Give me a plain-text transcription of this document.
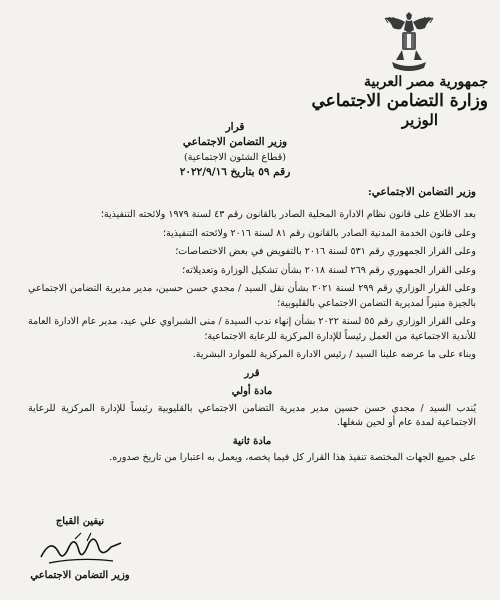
جمهورية مصر العربية
وزارة التضامن الاجتماعي
الوزير
قرار
وزير التضامن الاجتماعي
(قطاع الشئون الاجتماعية)
رقم ٥٩ بتاريخ ٢٠٢٢/٩/١٦
وزير التضامن الاجتماعي:

بعد الاطلاع على قانون نظام الادارة المحلية الصادر بالقانون رقم ٤٣ لسنة ١٩٧٩ ولائحته التنفيذية؛

وعلى قانون الخدمة المدنية الصادر بالقانون رقم ٨١ لسنة ٢٠١٦ ولائحته التنفيذية؛

وعلى القرار الجمهوري رقم ٥٣١ لسنة ٢٠١٦ بالتفويض في بعض الاختصاصات؛

وعلى القرار الجمهوري رقم ٢٦٩ لسنة ٢٠١٨ بشأن تشكيل الوزارة وتعديلاته؛

وعلى القرار الوزاري رقم ٢٩٩ لسنة ٢٠٢١ بشأن نقل السيد / مجدي حسن حسين، مدير مديرية التضامن الاجتماعي بالجيزة منيراً لمديرية التضامن الاجتماعي بالقليوبية؛

وعلى القرار الوزاري رقم ٥٥ لسنة ٢٠٢٢ بشأن إنهاء ندب السيدة / منى الشبراوي علي عيد، مدير عام الادارة العامة للأندية الاجتماعية من العمل رئيساً للإدارة المركزية للرعاية الاجتماعية؛

وبناء على ما عرضه علينا السيد / رئيس الادارة المركزية للموارد البشرية.

قرر
مادة أولي

يُندب السيد / مجدي حسن حسين مدير مديرية التضامن الاجتماعي بالقليوبية رئيساً للإدارة المركزية للرعاية الاجتماعية لمدة عام أو لحين شغلها.

مادة ثانية

على جميع الجهات المختصة تنفيذ هذا القرار كل فيما يخصه، ويعمل به اعتبارا من تاريخ صدوره.

نيفين القباج
وزير التضامن الاجتماعي
